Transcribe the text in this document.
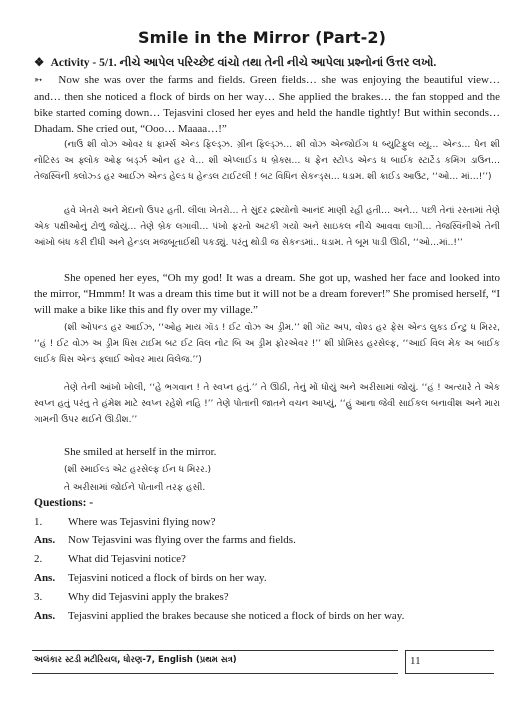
Smile in the Mirror (Part-2)
❖ Activity - 5/1. નીચે આપેલ પરિચ્છેદ વાંચો તથા તેની નીચે આપેલા પ્રશ્નોનાં ઉત્તર લખો.
➳ Now she was over the farms and fields. Green fields… she was enjoying the beautiful view… and… then she noticed a flock of birds on her way… She applied the brakes… the fan stopped and the bike started coming down… Tejasvini closed her eyes and held the handle tightly! But within seconds… Dhadam. She cried out, “Ooo… Maaaa…!”
(નાઉ શી વોઝ ઓવર ધ ફાર્મ્સ એન્ડ ફિલ્ડ્ઝ. ગ્રીન ફિલ્ડ્ઝ… શી વોઝ એન્જોઈંગ ધ બ્યુટિફુલ વ્યૂ… એન્ડ… ધેન શી નોટિસ્ડ અ ફ્લોક ઓફ બર્ડ્ઝ ઓન હર વે… શી એપ્લાઈડ ધ બ્રેક્સ… ધ ફેન સ્ટોપ્ડ એન્ડ ધ બાઈક સ્ટાર્ટેડ કમિંગ ડાઉન… તેજસ્વિની ક્લોઝ્ડ હર આઈઝ એન્ડ હેલ્ડ ધ હેન્ડલ ટાઈટલી ! બટ વિધિન સેકન્ડ્સ… ધડામ. શી ક્રાઈડ આઉટ, ‘‘ઓ… માં…!’’)
હવે ખેતરો અને મેદાનો ઉપર હતી. લીલા ખેતરો… તે સુંદર દ્રશ્યોનો આનંદ માણી રહી હતી… અને… પછી તેનાં રસ્તામાં તેણે એક પક્ષીઓનું ટોળું જોયું… તેણે બ્રેક લગાવી… પંખો ફરતો અટકી ગયો અને સાઇકલ નીચે આવવા લાગી… તેજસ્વિનીએ તેની આંખો બંધ કરી દીધી અને હેન્ડલ મજબૂતાઈથી પકડ્યું. પરંતુ થોડી જ સેકન્ડમાં.. ધડામ. તે બૂમ પાડી ઊઠી, ‘‘ઓ…માં..!’’
She opened her eyes, “Oh my god! It was a dream. She got up, washed her face and looked into the mirror, “Hmmm! It was a dream this time but it will not be a dream forever!” She promised herself, “I will make a bike like this and fly over my village.”
(શી ઓપન્ડ હર આઈઝ, ‘‘ઓહ માય ગૉડ ! ઈટ વોઝ અ ડ્રીમ.’’ શી ગૉટ અપ, વોશ્ડ હર ફેસ એન્ડ લુક્ડ ઈન્ટુ ધ મિરર, ‘‘હં ! ઈટ વોઝ અ ડ્રીમ ધિસ ટાઈમ બટ ઈટ વિલ નોટ બિ અ ડ્રીમ ફોરએવર !’’ શી પ્રોમિસ્ડ હરસેલ્ફ, ‘‘આઈ વિલ મેક અ બાઈક લાઈક ધિસ એન્ડ ફ્લાઈ ઓવર માય વિલેજ.’’)
તેણે તેની આંખો ખોલી, ‘‘હે ભગવાન ! તે સ્વપ્ન હતું.’’ તે ઊઠી, તેનું મોં ધોયું અને અરીસામાં જોયું. ‘‘હં ! અત્યારે તે એક સ્વપ્ન હતું પરંતુ તે હંમેશ માટે સ્વપ્ન રહેશે નહિ !’’ તેણે પોતાની જાતને વચન આપ્યું, ‘‘હું આના જેવી સાઈકલ બનાવીશ અને મારા ગામની ઉપર થઈને ઊડીશ.’’
She smiled at herself in the mirror.
(શી સ્માઈલ્ડ એટ હરસેલ્ફ ઈન ધ મિરર.)
તે અરીસામાં જોઈને પોતાની તરફ હસી.
Questions: -
1. Where was Tejasvini flying now?
Ans. Now Tejasvini was flying over the farms and fields.
2. What did Tejasvini notice?
Ans. Tejasvini noticed a flock of birds on her way.
3. Why did Tejasvini apply the brakes?
Ans. Tejasvini applied the brakes because she noticed a flock of birds on her way.
અલંકાર સ્ટડી મટીરિયલ, ધોરણ-7, English (પ્રથમ સત્ર)	11
